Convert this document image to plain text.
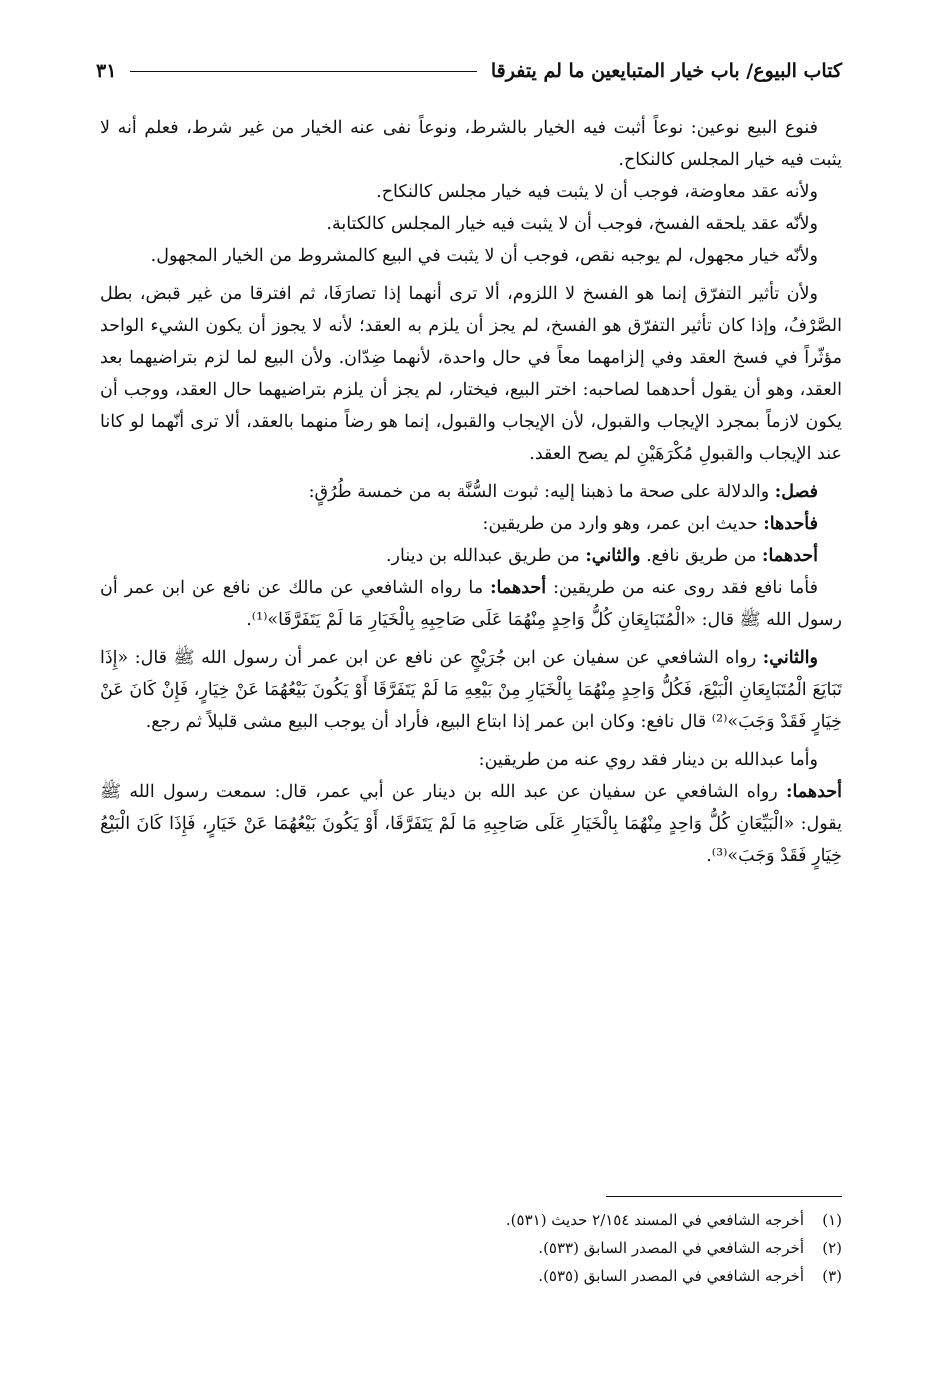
كتاب البيوع/ باب خيار المتبايعين ما لم يتفرقا
٣١

فنوع البيع نوعين: نوعاً أثبت فيه الخيار بالشرط، ونوعاً نفى عنه الخيار من غير شرط، فعلم أنه لا يثبت فيه خيار المجلس كالنكاح.

ولأنه عقد معاوضة، فوجب أن لا يثبت فيه خيار مجلس كالنكاح.

ولأنّه عقد يلحقه الفسخ، فوجب أن لا يثبت فيه خيار المجلس كالكتابة.

ولأنّه خيار مجهول، لم يوجبه نقص، فوجب أن لا يثبت في البيع كالمشروط من الخيار المجهول.

ولأن تأثير التفرّق إنما هو الفسخ لا اللزوم، ألا ترى أنهما إذا تصارَفَا، ثم افترقا من غير قبض، بطل الصَّرْفُ، وإذا كان تأثير التفرّق هو الفسخ، لم يجز أن يلزم به العقد؛ لأنه لا يجوز أن يكون الشيء الواحد مؤثّراً في فسخ العقد وفي إلزامهما معاً في حال واحدة، لأنهما ضِدّان. ولأن البيع لما لزم بتراضيهما بعد العقد، وهو أن يقول أحدهما لصاحبه: اختر البيع، فيختار، لم يجز أن يلزم بتراضيهما حال العقد، ووجب أن يكون لازماً بمجرد الإيجاب والقبول، لأن الإيجاب والقبول، إنما هو رضاً منهما بالعقد، ألا ترى أنّهما لو كانا عند الإيجاب والقبولِ مُكْرَهَيْنِ لم يصح العقد.

فصل: والدلالة على صحة ما ذهبنا إليه: ثبوت السُّنَّة به من خمسة طُرُقٍ:

فأحدها: حديث ابن عمر، وهو وارد من طريقين:

أحدهما: من طريق نافع. والثاني: من طريق عبدالله بن دينار.

فأما نافع فقد روى عنه من طريقين: أحدهما: ما رواه الشافعي عن مالك عن نافع عن ابن عمر أن رسول الله ﷺ قال: «الْمُتَبَايِعَانِ كُلُّ وَاحِدٍ مِنْهُمَا عَلَى صَاحِبِهِ بِالْخَيَارِ مَا لَمْ يَتَفَرَّقَا»⁽¹⁾.

والثاني: رواه الشافعي عن سفيان عن ابن جُرَيْجٍ عن نافع عن ابن عمر أن رسول الله ﷺ قال: «إِذَا تَبَايَعَ الْمُتَبَايِعَانِ الْبَيْعَ، فَكُلُّ وَاحِدٍ مِنْهُمَا بِالْخَيَارِ مِنْ بَيْعِهِ مَا لَمْ يَتَفَرَّقَا أَوْ يَكُونَ بَيْعُهُمَا عَنْ خِيَارٍ، فَإِنْ كَانَ عَنْ خِيَارٍ فَقَدْ وَجَبَ»⁽²⁾ قال نافع: وكان ابن عمر إذا ابتاع البيع، فأراد أن يوجب البيع مشى قليلاً ثم رجع.

وأما عبدالله بن دينار فقد روي عنه من طريقين:

أحدهما: رواه الشافعي عن سفيان عن عبد الله بن دينار عن أبي عمر، قال: سمعت رسول الله ﷺ يقول: «الْبَيِّعَانِ كُلُّ وَاحِدٍ مِنْهُمَا بِالْخَيَارِ عَلَى صَاحِبِهِ مَا لَمْ يَتَفَرَّقَا، أَوْ يَكُونَ بَيْعُهُمَا عَنْ خَيَارٍ، فَإِذَا كَانَ الْبَيْعُ خِيَارٍ فَقَدْ وَجَبَ»⁽³⁾.

(١)
أخرجه الشافعي في المسند ٢/١٥٤ حديث (٥٣١).
(٢)
أخرجه الشافعي في المصدر السابق (٥٣٣).
(٣)
أخرجه الشافعي في المصدر السابق (٥٣٥).
